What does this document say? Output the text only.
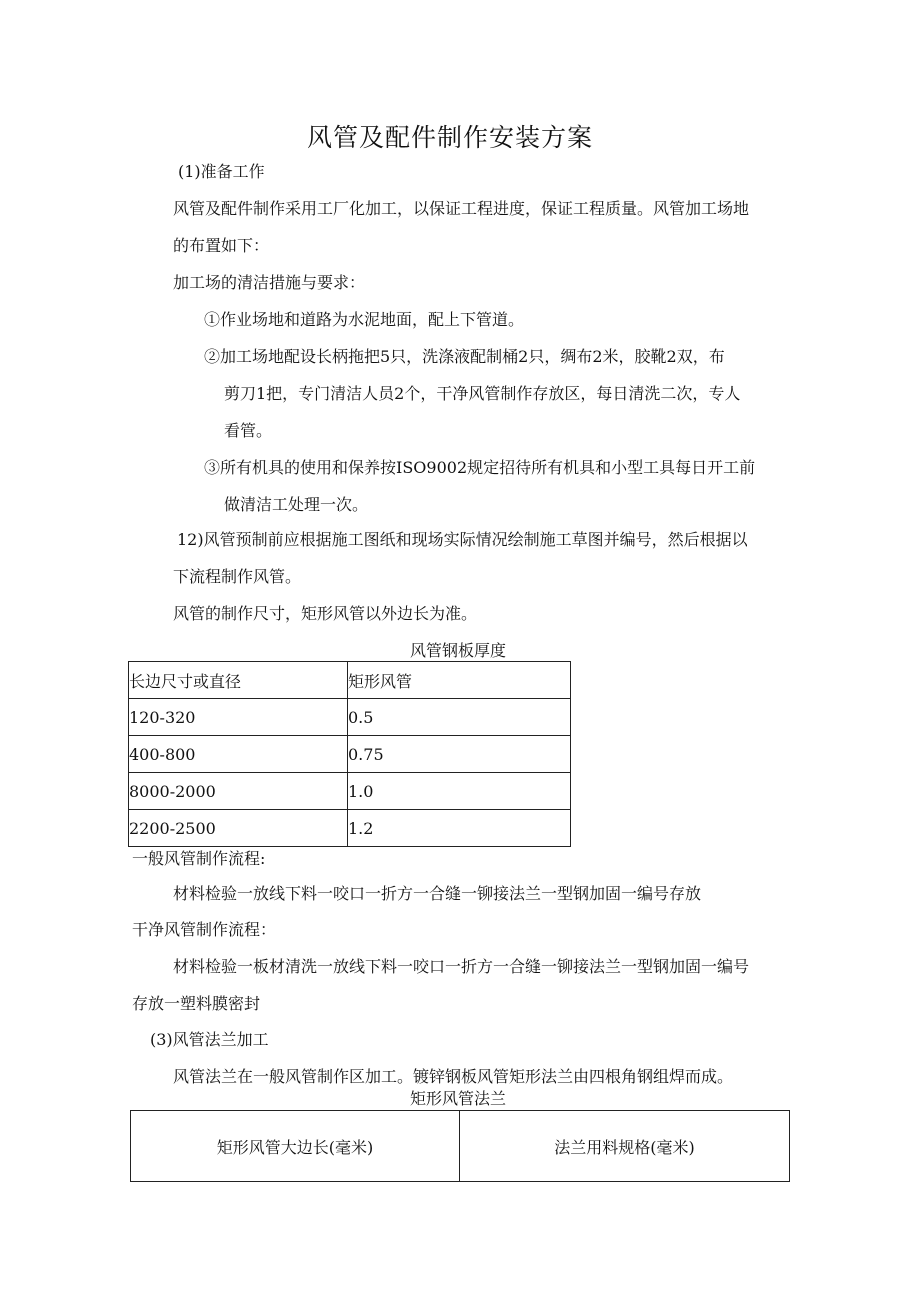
风管及配件制作安装方案
(1)准备工作
风管及配件制作采用工厂化加工，以保证工程进度，保证工程质量。风管加工场地
的布置如下：
加工场的清洁措施与要求：
①作业场地和道路为水泥地面，配上下管道。
②加工场地配设长柄拖把5只，洗涤液配制桶2只，绸布2米，胶靴2双，布
剪刀1把，专门清洁人员2个，干净风管制作存放区，每日清洗二次，专人
看管。
③所有机具的使用和保养按ISO9002规定招待所有机具和小型工具每日开工前
做清洁工处理一次。
12)风管预制前应根据施工图纸和现场实际情况绘制施工草图并编号，然后根据以
下流程制作风管。
风管的制作尺寸，矩形风管以外边长为准。
风管钢板厚度
长边尺寸或直径	矩形风管
120-320	0.5
400-800	0.75
8000-2000	1.0
2200-2500	1.2
一般风管制作流程:
材料检验一放线下料一咬口一折方一合缝一铆接法兰一型钢加固一编号存放
干净风管制作流程：
材料检验一板材清洗一放线下料一咬口一折方一合缝一铆接法兰一型钢加固一编号
存放一塑料膜密封
(3)风管法兰加工
风管法兰在一般风管制作区加工。镀锌钢板风管矩形法兰由四根角钢组焊而成。
矩形风管法兰
矩形风管大边长(毫米)	法兰用料规格(毫米)
